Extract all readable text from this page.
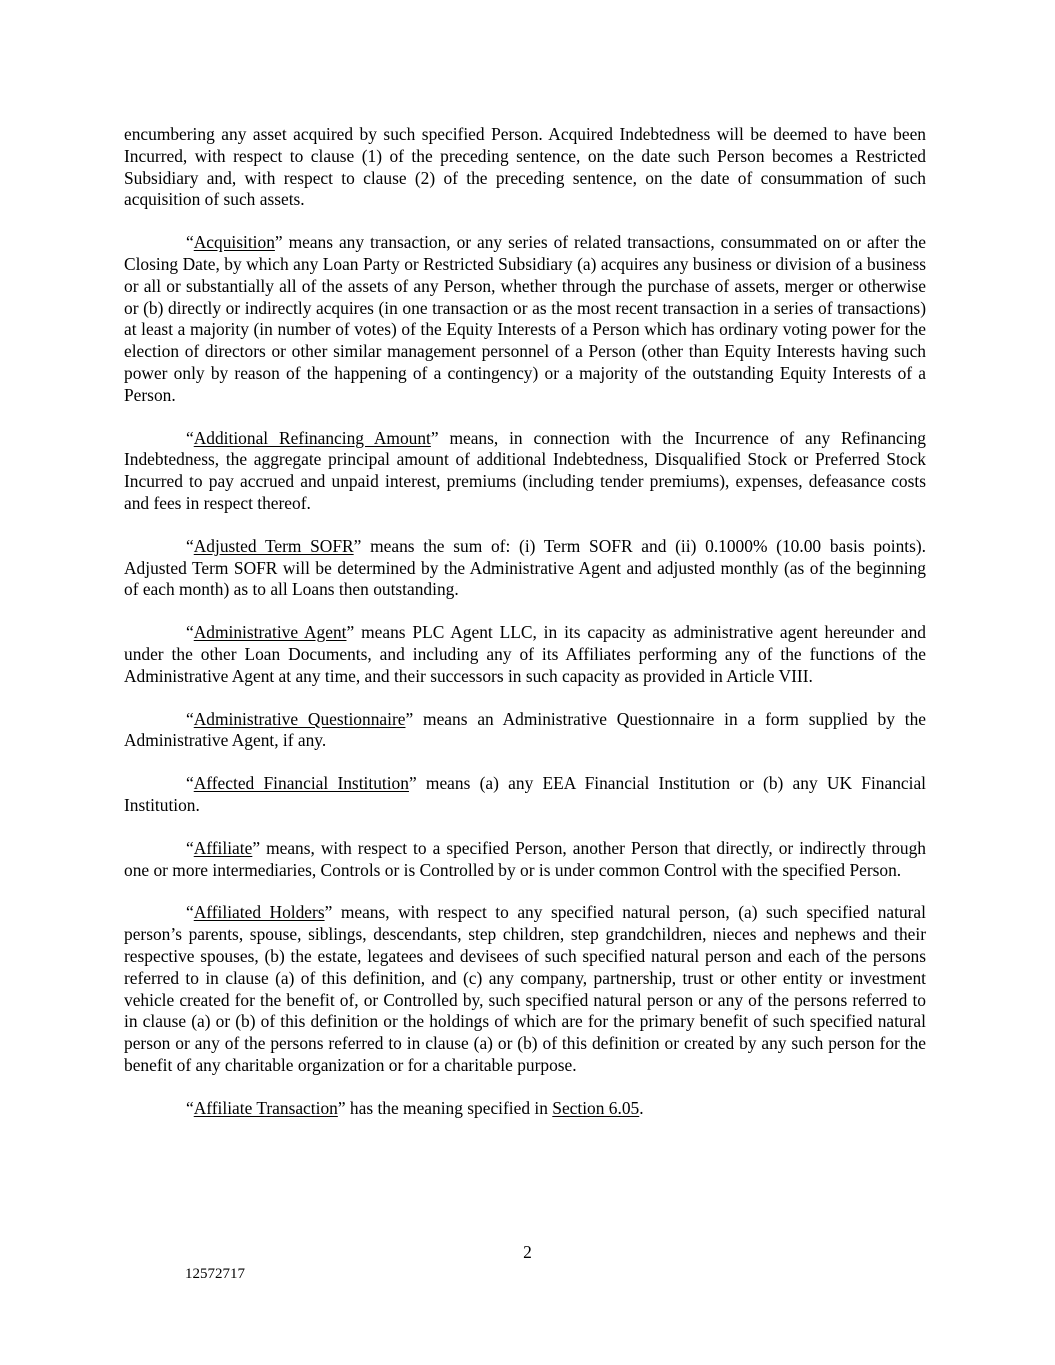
encumbering any asset acquired by such specified Person. Acquired Indebtedness will be deemed to have been Incurred, with respect to clause (1) of the preceding sentence, on the date such Person becomes a Restricted Subsidiary and, with respect to clause (2) of the preceding sentence, on the date of consummation of such acquisition of such assets.

“Acquisition” means any transaction, or any series of related transactions, consummated on or after the Closing Date, by which any Loan Party or Restricted Subsidiary (a) acquires any business or division of a business or all or substantially all of the assets of any Person, whether through the purchase of assets, merger or otherwise or (b) directly or indirectly acquires (in one transaction or as the most recent transaction in a series of transactions) at least a majority (in number of votes) of the Equity Interests of a Person which has ordinary voting power for the election of directors or other similar management personnel of a Person (other than Equity Interests having such power only by reason of the happening of a contingency) or a majority of the outstanding Equity Interests of a Person.

“Additional Refinancing Amount” means, in connection with the Incurrence of any Refinancing Indebtedness, the aggregate principal amount of additional Indebtedness, Disqualified Stock or Preferred Stock Incurred to pay accrued and unpaid interest, premiums (including tender premiums), expenses, defeasance costs and fees in respect thereof.

“Adjusted Term SOFR” means the sum of: (i) Term SOFR and (ii) 0.1000% (10.00 basis points). Adjusted Term SOFR will be determined by the Administrative Agent and adjusted monthly (as of the beginning of each month) as to all Loans then outstanding.

“Administrative Agent” means PLC Agent LLC, in its capacity as administrative agent hereunder and under the other Loan Documents, and including any of its Affiliates performing any of the functions of the Administrative Agent at any time, and their successors in such capacity as provided in Article VIII.

“Administrative Questionnaire” means an Administrative Questionnaire in a form supplied by the Administrative Agent, if any.

“Affected Financial Institution” means (a) any EEA Financial Institution or (b) any UK Financial Institution.

“Affiliate” means, with respect to a specified Person, another Person that directly, or indirectly through one or more intermediaries, Controls or is Controlled by or is under common Control with the specified Person.

“Affiliated Holders” means, with respect to any specified natural person, (a) such specified natural person’s parents, spouse, siblings, descendants, step children, step grandchildren, nieces and nephews and their respective spouses, (b) the estate, legatees and devisees of such specified natural person and each of the persons referred to in clause (a) of this definition, and (c) any company, partnership, trust or other entity or investment vehicle created for the benefit of, or Controlled by, such specified natural person or any of the persons referred to in clause (a) or (b) of this definition or the holdings of which are for the primary benefit of such specified natural person or any of the persons referred to in clause (a) or (b) of this definition or created by any such person for the benefit of any charitable organization or for a charitable purpose.

“Affiliate Transaction” has the meaning specified in Section 6.05.

2
12572717
